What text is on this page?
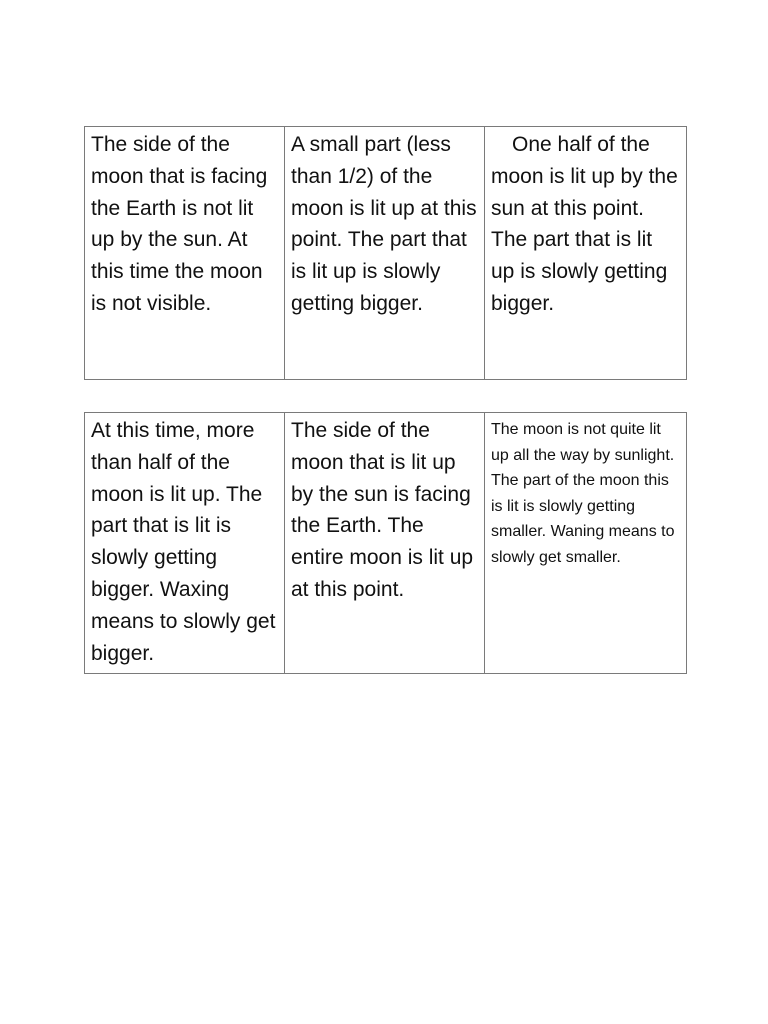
The side of the moon that is facing the Earth is not lit up by the sun. At this time the moon is not visible.	A small part (less than 1/2) of the moon is lit up at this point. The part that is lit up is slowly getting bigger.	One half of the moon is lit up by the sun at this point. The part that is lit up is slowly getting bigger.
At this time, more than half of the moon is lit up. The part that is lit is slowly getting bigger. Waxing means to slowly get bigger.	The side of the moon that is lit up by the sun is facing the Earth. The entire moon is lit up at this point.	The moon is not quite lit up all the way by sunlight. The part of the moon this is lit is slowly getting smaller. Waning means to slowly get smaller.
